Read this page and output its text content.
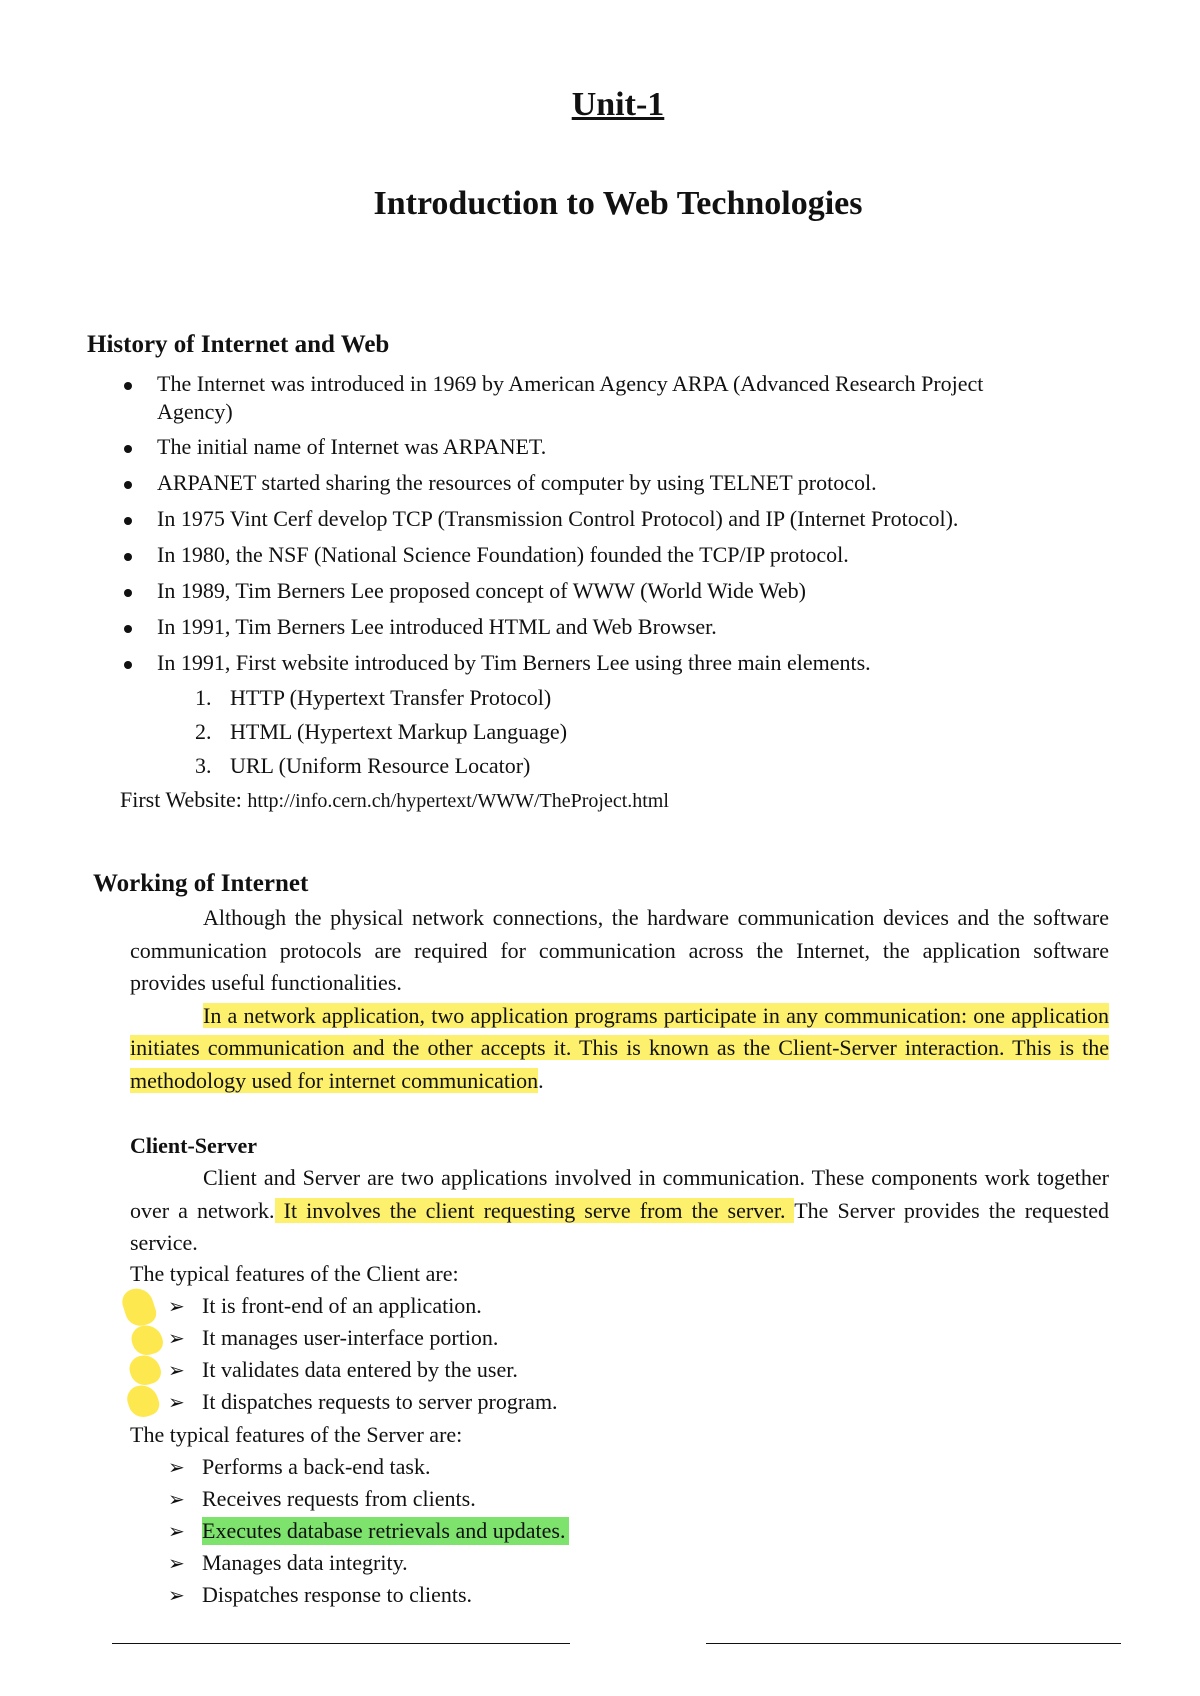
Unit-1
Introduction to Web Technologies
History of Internet and Web
The Internet was introduced in 1969 by American Agency ARPA (Advanced Research Project
Agency)
The initial name of Internet was ARPANET.
ARPANET started sharing the resources of computer by using TELNET protocol.
In 1975 Vint Cerf develop TCP (Transmission Control Protocol) and IP (Internet Protocol).
In 1980, the NSF (National Science Foundation) founded the TCP/IP protocol.
In 1989, Tim Berners Lee proposed concept of WWW (World Wide Web)
In 1991, Tim Berners Lee introduced HTML and Web Browser.
In 1991, First website introduced by Tim Berners Lee using three main elements.
1. HTTP (Hypertext Transfer Protocol)
2. HTML (Hypertext Markup Language)
3. URL (Uniform Resource Locator)
First Website: http://info.cern.ch/hypertext/WWW/TheProject.html
Working of Internet

Although the physical network connections, the hardware communication devices and the software communication protocols are required for communication across the Internet, the application software provides useful functionalities.

In a network application, two application programs participate in any communication: one application initiates communication and the other accepts it. This is known as the Client-Server interaction. This is the methodology used for internet communication.

Client-Server

Client and Server are two applications involved in communication. These components work together over a network. It involves the client requesting serve from the server. The Server provides the requested service.

The typical features of the Client are:
➢ It is front-end of an application.
➢ It manages user-interface portion.
➢ It validates data entered by the user.
➢ It dispatches requests to server program.
The typical features of the Server are:
➢ Performs a back-end task.
➢ Receives requests from clients.
➢ Executes database retrievals and updates.
➢ Manages data integrity.
➢ Dispatches response to clients.
